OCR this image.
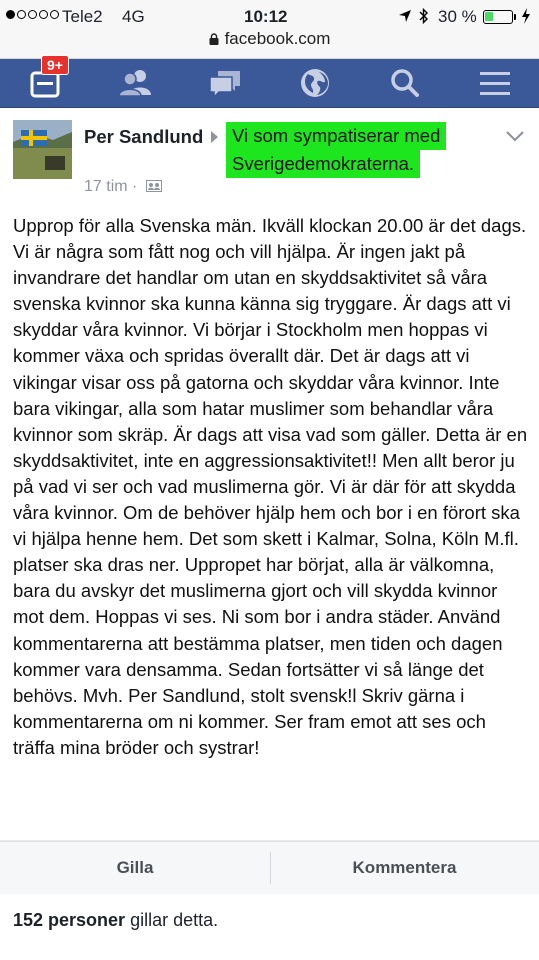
Tele2 4G	10:12	30 %
facebook.com
9+
Per Sandlund	Vi som sympatiserar med
Sverigedemokraterna.
17 tim ·
Upprop för alla Svenska män. Ikväll klockan 20.00 är det dags. Vi är några som fått nog och vill hjälpa. Är ingen jakt på invandrare det handlar om utan en skyddsaktivitet så våra svenska kvinnor ska kunna känna sig tryggare. Är dags att vi skyddar våra kvinnor. Vi börjar i Stockholm men hoppas vi kommer växa och spridas överallt där. Det är dags att vi vikingar visar oss på gatorna och skyddar våra kvinnor. Inte bara vikingar, alla som hatar muslimer som behandlar våra kvinnor som skräp. Är dags att visa vad som gäller. Detta är en skyddsaktivitet, inte en aggressionsaktivitet!! Men allt beror ju på vad vi ser och vad muslimerna gör. Vi är där för att skydda våra kvinnor. Om de behöver hjälp hem och bor i en förort ska vi hjälpa henne hem. Det som skett i Kalmar, Solna, Köln M.fl. platser ska dras ner. Uppropet har börjat, alla är välkomna, bara du avskyr det muslimerna gjort och vill skydda kvinnor mot dem. Hoppas vi ses. Ni som bor i andra städer. Använd kommentarerna att bestämma platser, men tiden och dagen kommer vara densamma. Sedan fortsätter vi så länge det behövs. Mvh. Per Sandlund, stolt svensk!l Skriv gärna i kommentarerna om ni kommer. Ser fram emot att ses och träffa mina bröder och systrar!
Gilla	Kommentera
152 personer gillar detta.
